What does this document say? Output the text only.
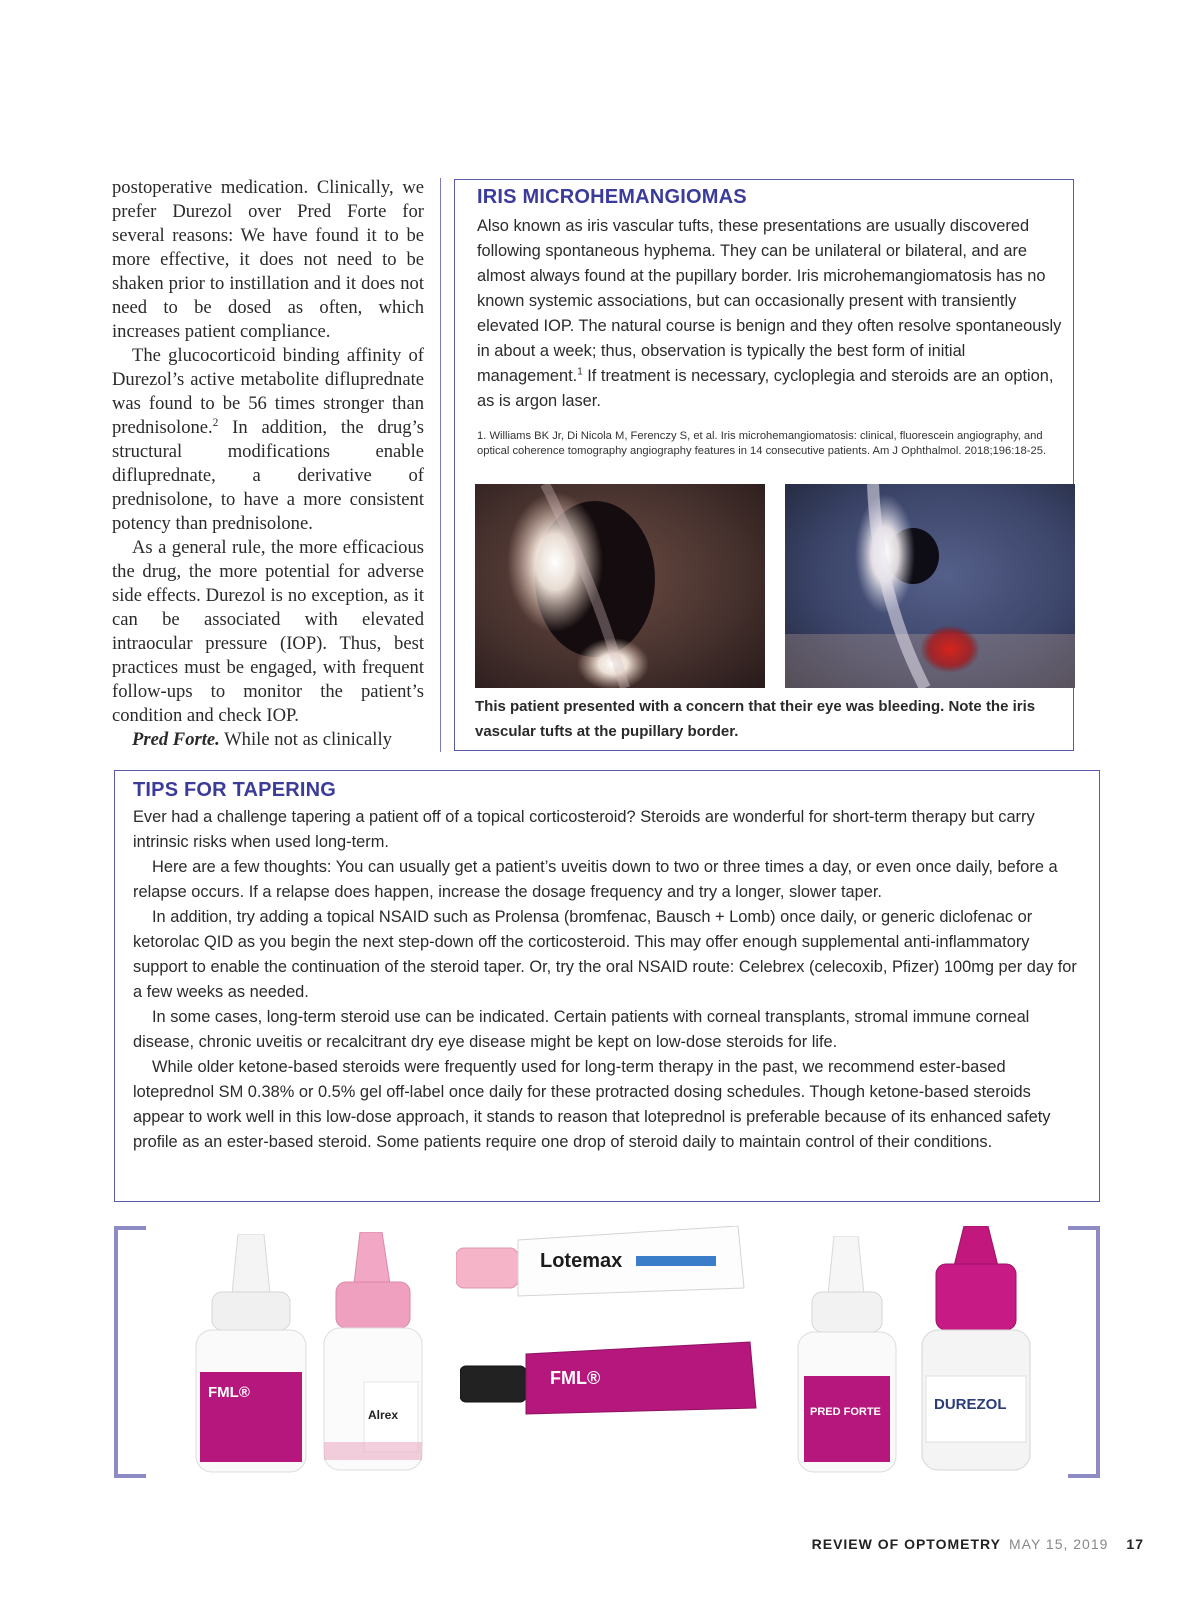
postoperative medication. Clinically, we prefer Durezol over Pred Forte for several reasons: We have found it to be more effective, it does not need to be shaken prior to instillation and it does not need to be dosed as often, which increases patient compliance.

The glucocorticoid binding affinity of Durezol’s active metabolite difluprednate was found to be 56 times stronger than prednisolone.$^2$ In addition, the drug’s structural modifications enable difluprednate, a derivative of prednisolone, to have a more consistent potency than prednisolone.

As a general rule, the more efficacious the drug, the more potential for adverse side effects. Durezol is no exception, as it can be associated with elevated intraocular pressure (IOP). Thus, best practices must be engaged, with frequent follow-ups to monitor the patient’s condition and check IOP.

Pred Forte. While not as clinically

IRIS MICROHEMANGIOMAS

Also known as iris vascular tufts, these presentations are usually discovered following spontaneous hyphema. They can be unilateral or bilateral, and are almost always found at the pupillary border. Iris microhemangiomatosis has no known systemic associations, but can occasionally present with transiently elevated IOP. The natural course is benign and they often resolve spontaneously in about a week; thus, observation is typically the best form of initial management.$^1$ If treatment is necessary, cycloplegia and steroids are an option, as is argon laser.

1. Williams BK Jr, Di Nicola M, Ferenczy S, et al. Iris microhemangiomatosis: clinical, fluorescein angiography, and optical coherence tomography angiography features in 14 consecutive patients. Am J Ophthalmol. 2018;196:18-25.

This patient presented with a concern that their eye was bleeding. Note the iris vascular tufts at the pupillary border.

TIPS FOR TAPERING

Ever had a challenge tapering a patient off of a topical corticosteroid? Steroids are wonderful for short-term therapy but carry intrinsic risks when used long-term.

Here are a few thoughts: You can usually get a patient’s uveitis down to two or three times a day, or even once daily, before a relapse occurs. If a relapse does happen, increase the dosage frequency and try a longer, slower taper.

In addition, try adding a topical NSAID such as Prolensa (bromfenac, Bausch + Lomb) once daily, or generic diclofenac or ketorolac QID as you begin the next step-down off the corticosteroid. This may offer enough supplemental anti-inflammatory support to enable the continuation of the steroid taper. Or, try the oral NSAID route: Celebrex (celecoxib, Pfizer) 100mg per day for a few weeks as needed.

In some cases, long-term steroid use can be indicated. Certain patients with corneal transplants, stromal immune corneal disease, chronic uveitis or recalcitrant dry eye disease might be kept on low-dose steroids for life.

While older ketone-based steroids were frequently used for long-term therapy in the past, we recommend ester-based loteprednol SM 0.38% or 0.5% gel off-label once daily for these protracted dosing schedules. Though ketone-based steroids appear to work well in this low-dose approach, it stands to reason that loteprednol is preferable because of its enhanced safety profile as an ester-based steroid. Some patients require one drop of steroid daily to maintain control of their conditions.

FML®
Alrex
Lotemax
FML®
PRED FORTE	DUREZOL
REVIEW OF OPTOMETRY MAY 15, 2019 17
